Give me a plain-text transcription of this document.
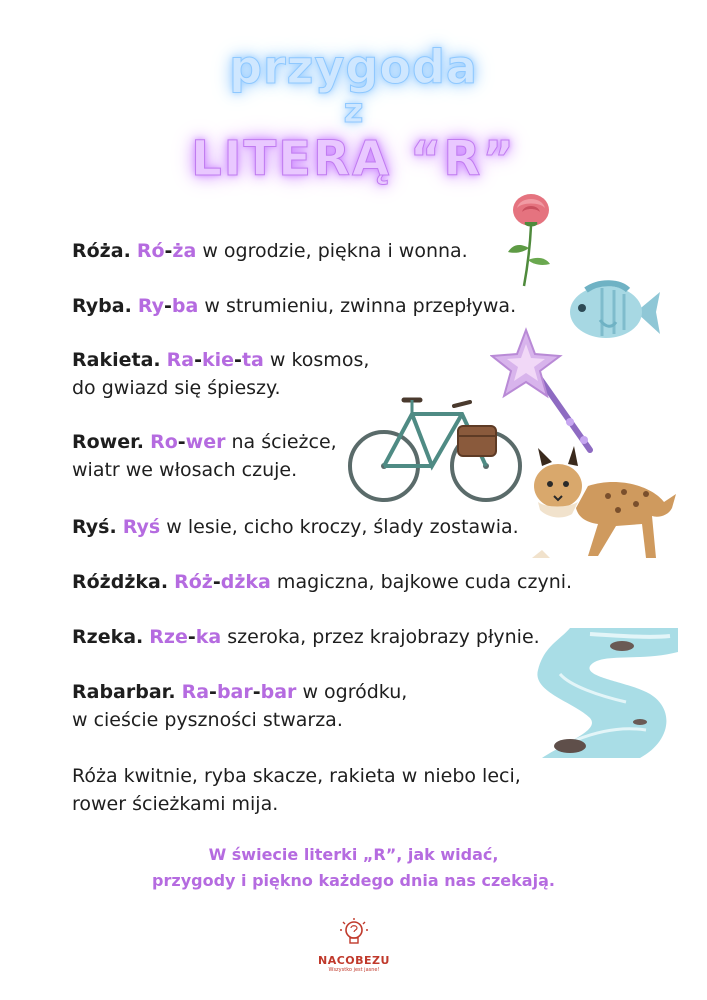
przygoda
z
LITERĄ “R”
Róża. Ró-ża w ogrodzie, piękna i wonna.
Ryba. Ry-ba w strumieniu, zwinna przepływa.
Rakieta. Ra-kie-ta w kosmos,
do gwiazd się śpieszy.
Rower. Ro-wer na ścieżce,
wiatr we włosach czuje.
Ryś. Ryś w lesie, cicho kroczy, ślady zostawia.
Różdżka. Róż-dżka magiczna, bajkowe cuda czyni.
Rzeka. Rze-ka szeroka, przez krajobrazy płynie.
Rabarbar. Ra-bar-bar w ogródku,
w cieście pyszności stwarza.
Róża kwitnie, ryba skacze, rakieta w niebo leci,
rower ścieżkami mija.
W świecie literki „R”, jak widać,
przygody i piękno każdego dnia nas czekają.
NACOBEZU
Wszystko jest jasne!
